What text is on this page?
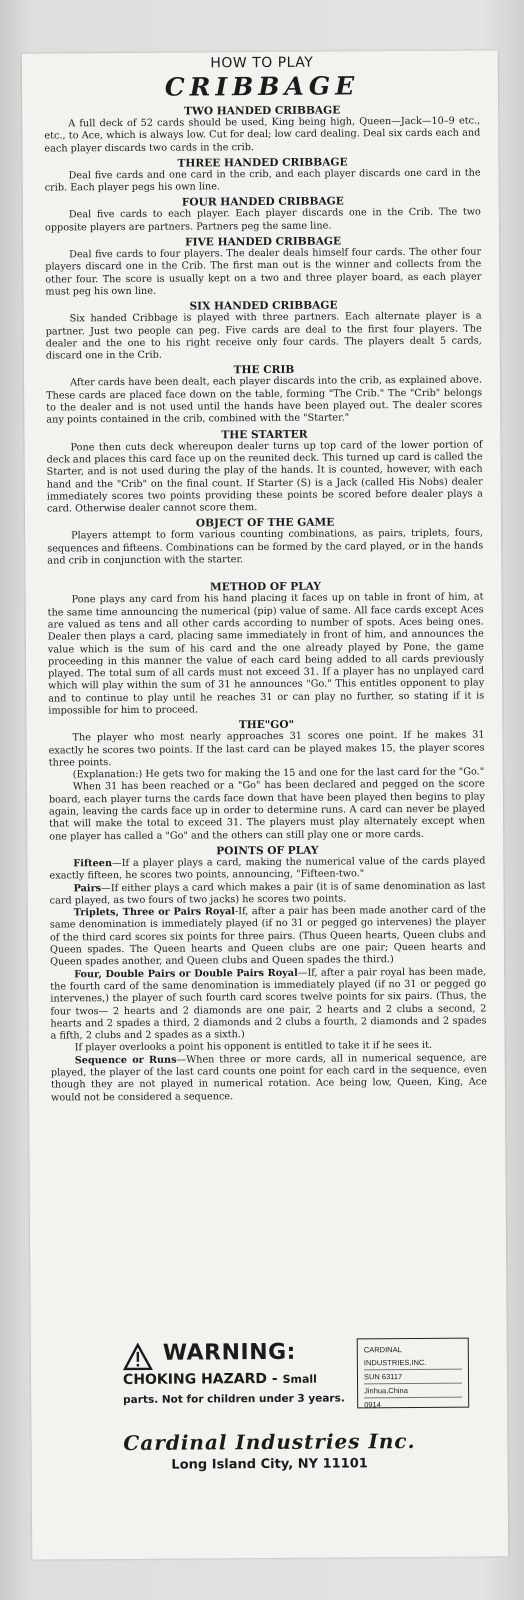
HOW TO PLAY
CRIBBAGE
TWO HANDED CRIBBAGE

A full deck of 52 cards should be used, King being high, Queen—Jack—10–9 etc., etc., to Ace, which is always low. Cut for deal; low card dealing. Deal six cards each and each player discards two cards in the crib.

THREE HANDED CRIBBAGE

Deal five cards and one card in the crib, and each player discards one card in the crib. Each player pegs his own line.

FOUR HANDED CRIBBAGE

Deal five cards to each player. Each player discards one in the Crib. The two opposite players are partners. Partners peg the same line.

FIVE HANDED CRIBBAGE

Deal five cards to four players. The dealer deals himself four cards. The other four players discard one in the Crib. The first man out is the winner and collects from the other four. The score is usually kept on a two and three player board, as each player must peg his own line.

SIX HANDED CRIBBAGE

Six handed Cribbage is played with three partners. Each alternate player is a partner. Just two people can peg. Five cards are deal to the first four players. The dealer and the one to his right receive only four cards. The players dealt 5 cards, discard one in the Crib.

THE CRIB

After cards have been dealt, each player discards into the crib, as explained above. These cards are placed face down on the table, forming "The Crib." The "Crib" belongs to the dealer and is not used until the hands have been played out. The dealer scores any points contained in the crib, combined with the "Starter."

THE STARTER

Pone then cuts deck whereupon dealer turns up top card of the lower portion of deck and places this card face up on the reunited deck. This turned up card is called the Starter, and is not used during the play of the hands. It is counted, however, with each hand and the "Crib" on the final count. If Starter (S) is a Jack (called His Nobs) dealer immediately scores two points providing these points be scored before dealer plays a card. Otherwise dealer cannot score them.

OBJECT OF THE GAME

Players attempt to form various counting combinations, as pairs, triplets, fours, sequences and fifteens. Combinations can be formed by the card played, or in the hands and crib in conjunction with the starter.

METHOD OF PLAY

Pone plays any card from his hand placing it faces up on table in front of him, at the same time announcing the numerical (pip) value of same. All face cards except Aces are valued as tens and all other cards according to number of spots. Aces being ones. Dealer then plays a card, placing same immediately in front of him, and announces the value which is the sum of his card and the one already played by Pone, the game proceeding in this manner the value of each card being added to all cards previously played. The total sum of all cards must not exceed 31. If a player has no unplayed card which will play within the sum of 31 he announces "Go." This entitles opponent to play and to continue to play until he reaches 31 or can play no further, so stating if it is impossible for him to proceed.

THE"GO"

The player who most nearly approaches 31 scores one point. If he makes 31 exactly he scores two points. If the last card can be played makes 15, the player scores three points.

(Explanation:) He gets two for making the 15 and one for the last card for the "Go."

When 31 has been reached or a "Go" has been declared and pegged on the score board, each player turns the cards face down that have been played then begins to play again, leaving the cards face up in order to determine runs. A card can never be played that will make the total to exceed 31. The players must play alternately except when one player has called a "Go" and the others can still play one or more cards.

POINTS OF PLAY

Fifteen—If a player plays a card, making the numerical value of the cards played exactly fifteen, he scores two points, announcing, "Fifteen-two."

Pairs—If either plays a card which makes a pair (it is of same denomination as last card played, as two fours of two jacks) he scores two points.

Triplets, Three or Pairs Royal-If, after a pair has been made another card of the same denomination is immediately played (if no 31 or pegged go intervenes) the player of the third card scores six points for three pairs. (Thus Queen hearts, Queen clubs and Queen spades. The Queen hearts and Queen clubs are one pair; Queen hearts and Queen spades another, and Queen clubs and Queen spades the third.)

Four, Double Pairs or Double Pairs Royal—If, after a pair royal has been made, the fourth card of the same denomination is immediately played (if no 31 or pegged go intervenes,) the player of such fourth card scores twelve points for six pairs. (Thus, the four twos— 2 hearts and 2 diamonds are one pair, 2 hearts and 2 clubs a second, 2 hearts and 2 spades a third, 2 diamonds and 2 clubs a fourth, 2 diamonds and 2 spades a fifth, 2 clubs and 2 spades as a sixth.)

If player overlooks a point his opponent is entitled to take it if he sees it.

Sequence or Runs—When three or more cards, all in numerical sequence, are played, the player of the last card counts one point for each card in the sequence, even though they are not played in numerical rotation. Ace being low, Queen, King, Ace would not be considered a sequence.

WARNING:
CHOKING HAZARD - Small
parts. Not for children under 3 years.
CARDINAL INDUSTRIES,INC.
SUN 63117
Jinhua,China
0914
Cardinal Industries Inc.
Long Island City, NY 11101
